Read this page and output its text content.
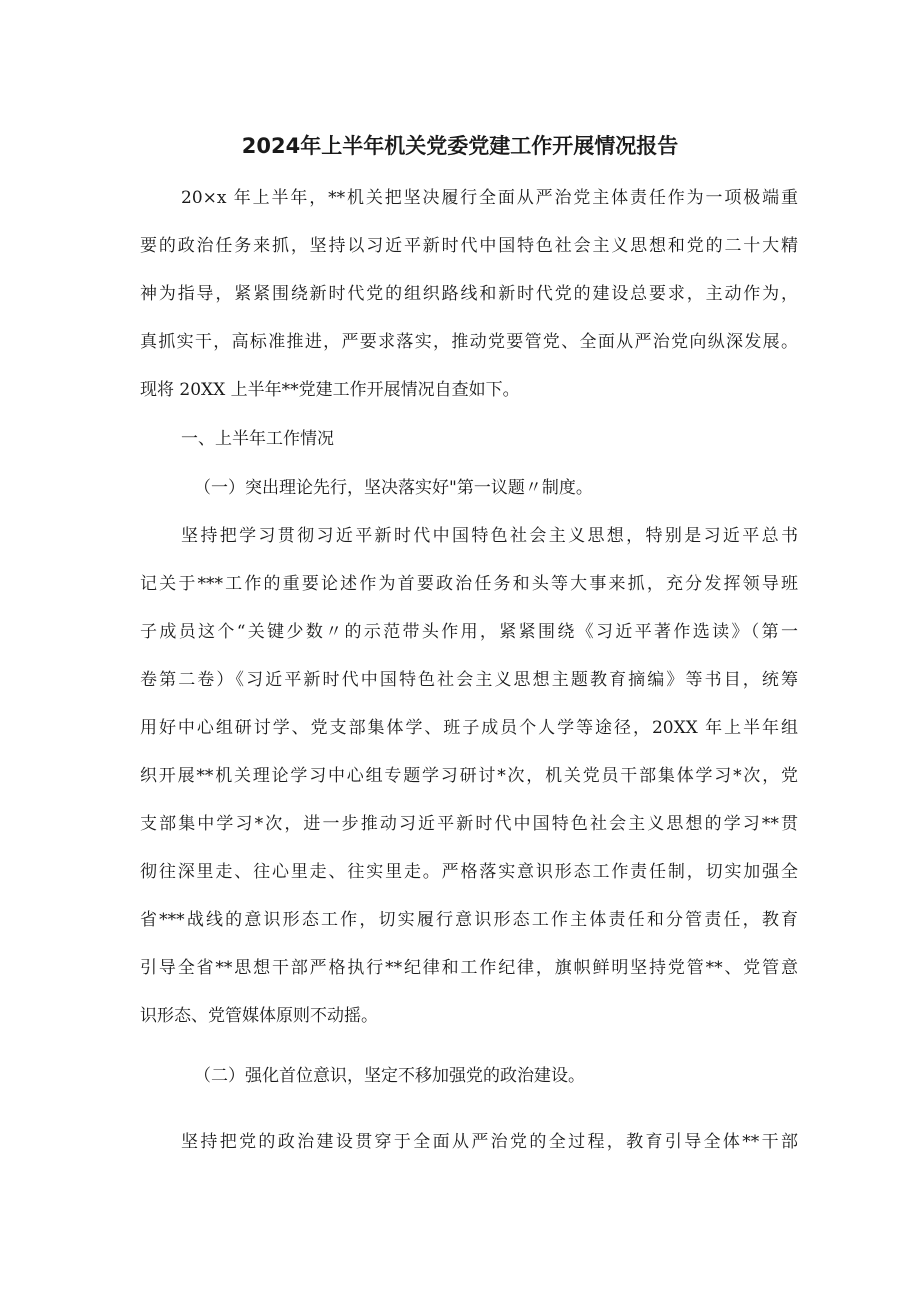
2024年上半年机关党委党建工作开展情况报告
20×x 年上半年，**机关把坚决履行全面从严治党主体责任作为一项极端重
要的政治任务来抓，坚持以习近平新时代中国特色社会主义思想和党的二十大精
神为指导，紧紧围绕新时代党的组织路线和新时代党的建设总要求，主动作为，
真抓实干，高标准推进，严要求落实，推动党要管党、全面从严治党向纵深发展。
现将 20XX 上半年**党建工作开展情况自查如下。
一、上半年工作情况
（一）突出理论先行，坚决落实好"第一议题〃制度。
坚持把学习贯彻习近平新时代中国特色社会主义思想，特别是习近平总书
记关于***工作的重要论述作为首要政治任务和头等大事来抓，充分发挥领导班
子成员这个“关键少数〃的示范带头作用，紧紧围绕《习近平著作选读》（第一
卷第二卷）《习近平新时代中国特色社会主义思想主题教育摘编》等书目，统筹
用好中心组研讨学、党支部集体学、班子成员个人学等途径，20XX 年上半年组
织开展**机关理论学习中心组专题学习研讨*次，机关党员干部集体学习*次，党
支部集中学习*次，进一步推动习近平新时代中国特色社会主义思想的学习**贯
彻往深里走、往心里走、往实里走。严格落实意识形态工作责任制，切实加强全
省***战线的意识形态工作，切实履行意识形态工作主体责任和分管责任，教育
引导全省**思想干部严格执行**纪律和工作纪律，旗帜鲜明坚持党管**、党管意
识形态、党管媒体原则不动摇。
（二）强化首位意识，坚定不移加强党的政治建设。
坚持把党的政治建设贯穿于全面从严治党的全过程，教育引导全体**干部
